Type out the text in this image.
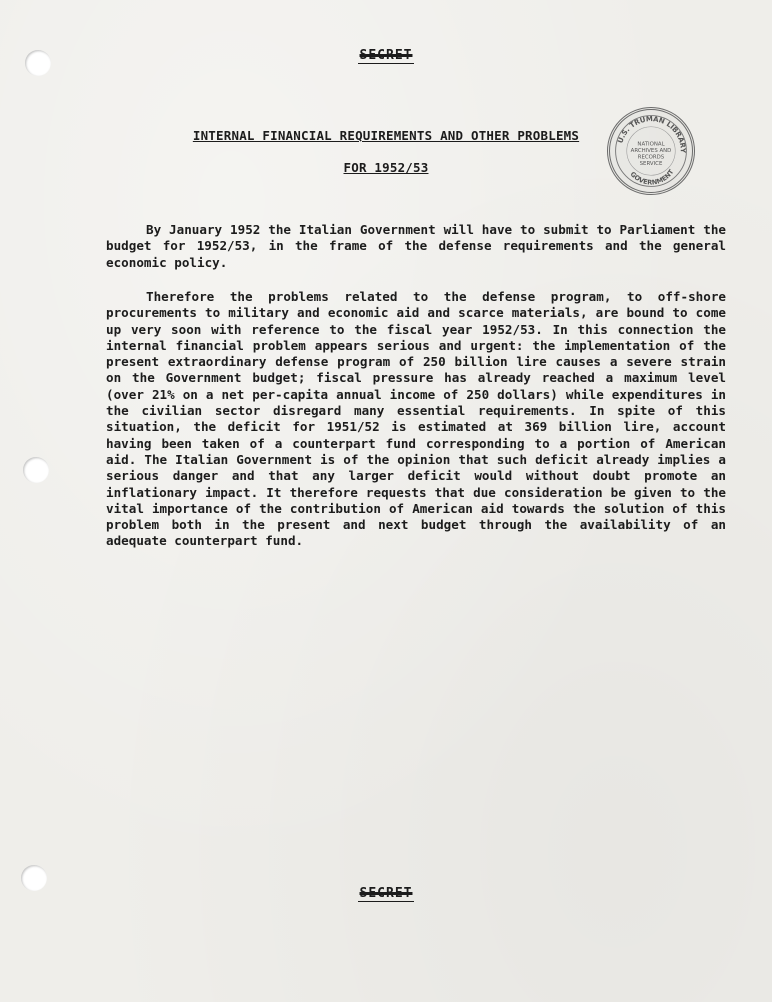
SECRET
U.S. TRUMAN LIBRARY
GOVERNMENT
NATIONAL
ARCHIVES AND
RECORDS
SERVICE
INTERNAL FINANCIAL REQUIREMENTS AND OTHER PROBLEMS
FOR 1952/53

By January 1952 the Italian Government will have to submit to Parliament the budget for 1952/53, in the frame of the defense requirements and the general economic policy.

Therefore the problems related to the defense program, to off-shore procurements to military and economic aid and scarce materials, are bound to come up very soon with reference to the fiscal year 1952/53. In this connection the internal financial problem appears serious and urgent: the implementation of the present extraordinary defense program of 250 billion lire causes a severe strain on the Government budget; fiscal pressure has already reached a maximum level (over 21% on a net per-capita annual income of 250 dollars) while expenditures in the civilian sector disregard many essential requirements. In spite of this situation, the deficit for 1951/52 is estimated at 369 billion lire, account having been taken of a counterpart fund corresponding to a portion of American aid. The Italian Government is of the opinion that such deficit already implies a serious danger and that any larger deficit would without doubt promote an inflationary impact. It therefore requests that due consideration be given to the vital importance of the contribution of American aid towards the solution of this problem both in the present and next budget through the availability of an adequate counterpart fund.

SECRET
